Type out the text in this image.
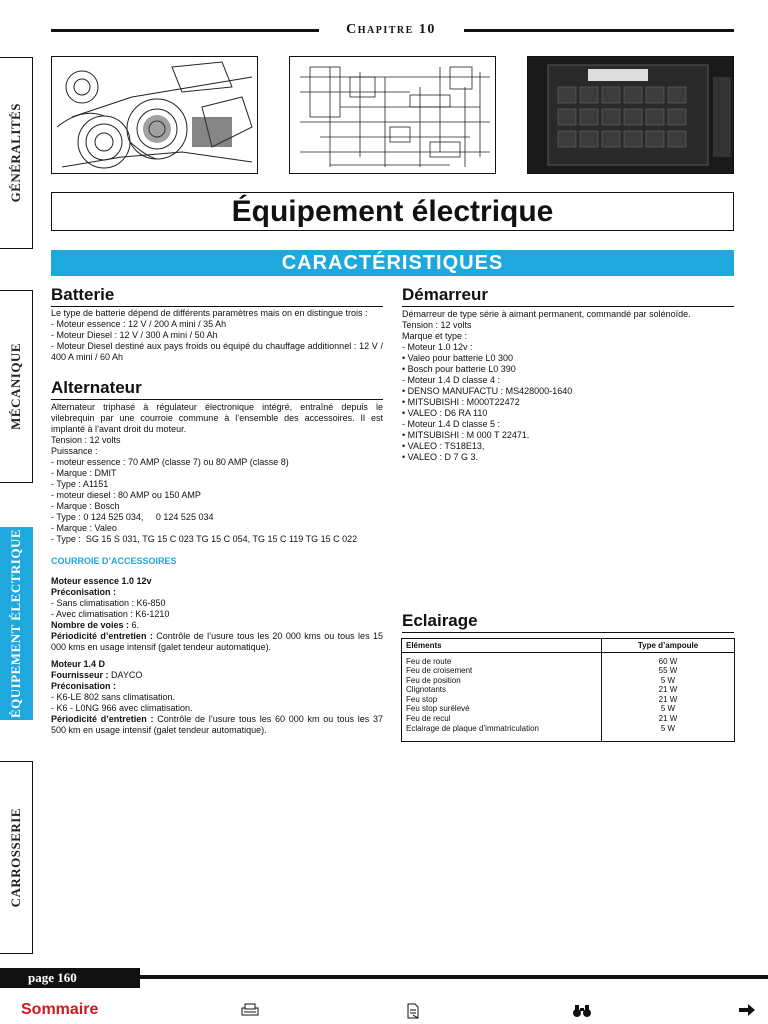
Chapitre 10
GÉNÉRALITÉS
MÉCANIQUE
ÉQUIPEMENT ÉLECTRIQUE
CARROSSERIE
Équipement électrique
CARACTÉRISTIQUES
Batterie

Le type de batterie dépend de différents paramètres mais on en distingue trois :

- Moteur essence : 12 V / 200 A mini / 35 Ah

- Moteur Diesel : 12 V / 300 A mini / 50 Ah

- Moteur Diesel destiné aux pays froids ou équipé du chauffage additionnel : 12 V / 400 A mini / 60 Ah

Alternateur

Alternateur triphasé à régulateur électronique intégré, entraîné depuis le vilebrequin par une courroie commune à l’ensemble des accessoires. Il est implanté à l’avant droit du moteur.

Tension : 12 volts

Puissance :

- moteur essence : 70 AMP (classe 7) ou 80 AMP (classe 8)

- Marque : DMIT

- Type : A1151

- moteur diesel : 80 AMP ou 150 AMP

- Marque : Bosch

- Type : 0 124 525 034,     0 124 525 034

- Marque : Valeo

- Type :  SG 15 S 031, TG 15 C 023 TG 15 C 054, TG 15 C 119 TG 15 C 022

COURROIE D’ACCESSOIRES

Moteur essence 1.0 12v

Préconisation :

- Sans climatisation : K6-850

- Avec climatisation : K6-1210

Nombre de voies : 6.

Périodicité d’entretien : Contrôle de l’usure tous les 20 000 kms ou tous les 15 000 kms en usage intensif (galet tendeur automatique).

Moteur 1.4 D

Fournisseur : DAYCO

Préconisation :

- K6-LE 802 sans climatisation.

- K6 - L0NG 966 avec climatisation.

Périodicité d’entretien : Contrôle de l’usure tous les 60 000 km ou tous les 37 500 km en usage intensif (galet tendeur automatique).

Démarreur

Démarreur de type série à aimant permanent, commandé par solénoïde.

Tension : 12 volts

Marque et type :

- Moteur 1.0 12v :

• Valeo pour batterie L0 300

• Bosch pour batterie L0 390

- Moteur 1.4 D classe 4 :

• DENSO MANUFACTU : MS428000-1640

• MITSUBISHI : M000T22472

• VALEO : D6 RA 110

- Moteur 1.4 D classe 5 :

• MITSUBISHI : M 000 T 22471.

• VALEO : TS18E13,

• VALEO : D 7 G 3.

Eclairage
Eléments	Type d’ampoule

Feu de route	60 W
Feu de croisement	55 W
Feu de position	5 W
Clignotants	21 W
Feu stop	21 W
Feu stop surélevé	5 W
Feu de recul	21 W
Eclairage de plaque d’immatriculation	5 W

page 160
Sommaire
